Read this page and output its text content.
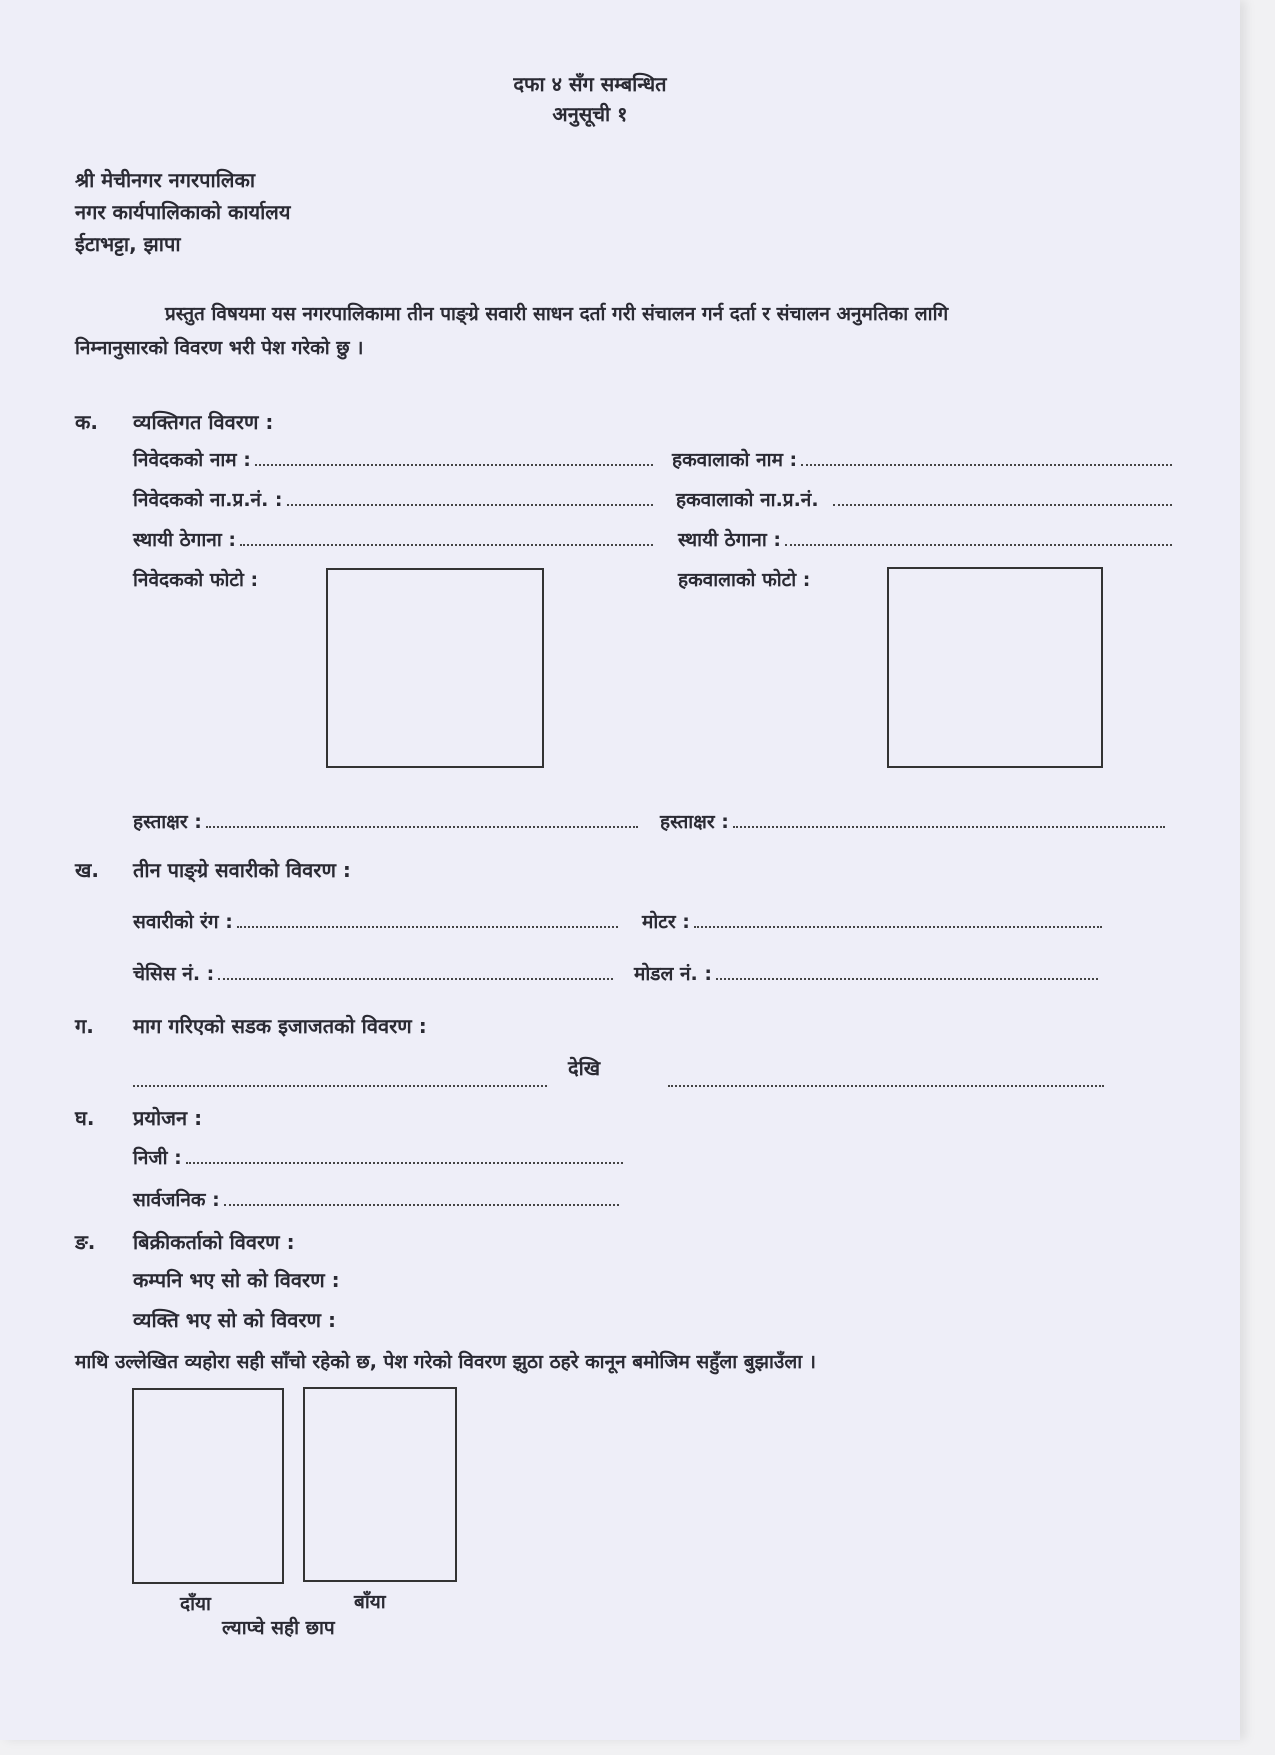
दफा ४ सँग सम्बन्धित
अनुसूची १
श्री मेचीनगर नगरपालिका
नगर कार्यपालिकाको कार्यालय
ईटाभट्टा, झापा
प्रस्तुत विषयमा यस नगरपालिकामा तीन पाङ्ग्रे सवारी साधन दर्ता गरी संचालन गर्न दर्ता र संचालन अनुमतिका लागि
निम्नानुसारको विवरण भरी पेश गरेको छु ।
क. व्यक्तिगत विवरण :
निवेदकको नाम :	हकवालाको नाम :
निवेदकको ना.प्र.नं. :	हकवालाको ना.प्र.नं.
स्थायी ठेगाना :	स्थायी ठेगाना :
निवेदकको फोटो :	हकवालाको फोटो :
हस्ताक्षर :	हस्ताक्षर :
ख. तीन पाङ्ग्रे सवारीको विवरण :
सवारीको रंग :	मोटर :
चेसिस नं. :	मोडल नं. :
ग. माग गरिएको सडक इजाजतको विवरण :
देखि
घ. प्रयोजन :
निजी :
सार्वजनिक :
ङ. बिक्रीकर्ताको विवरण :
कम्पनि भए सो को विवरण :
व्यक्ति भए सो को विवरण :
माथि उल्लेखित व्यहोरा सही साँचो रहेको छ, पेश गरेको विवरण झुठा ठहरे कानून बमोजिम सहुँला बुझाउँला ।
दाँया	बाँया
ल्याप्चे सही छाप
